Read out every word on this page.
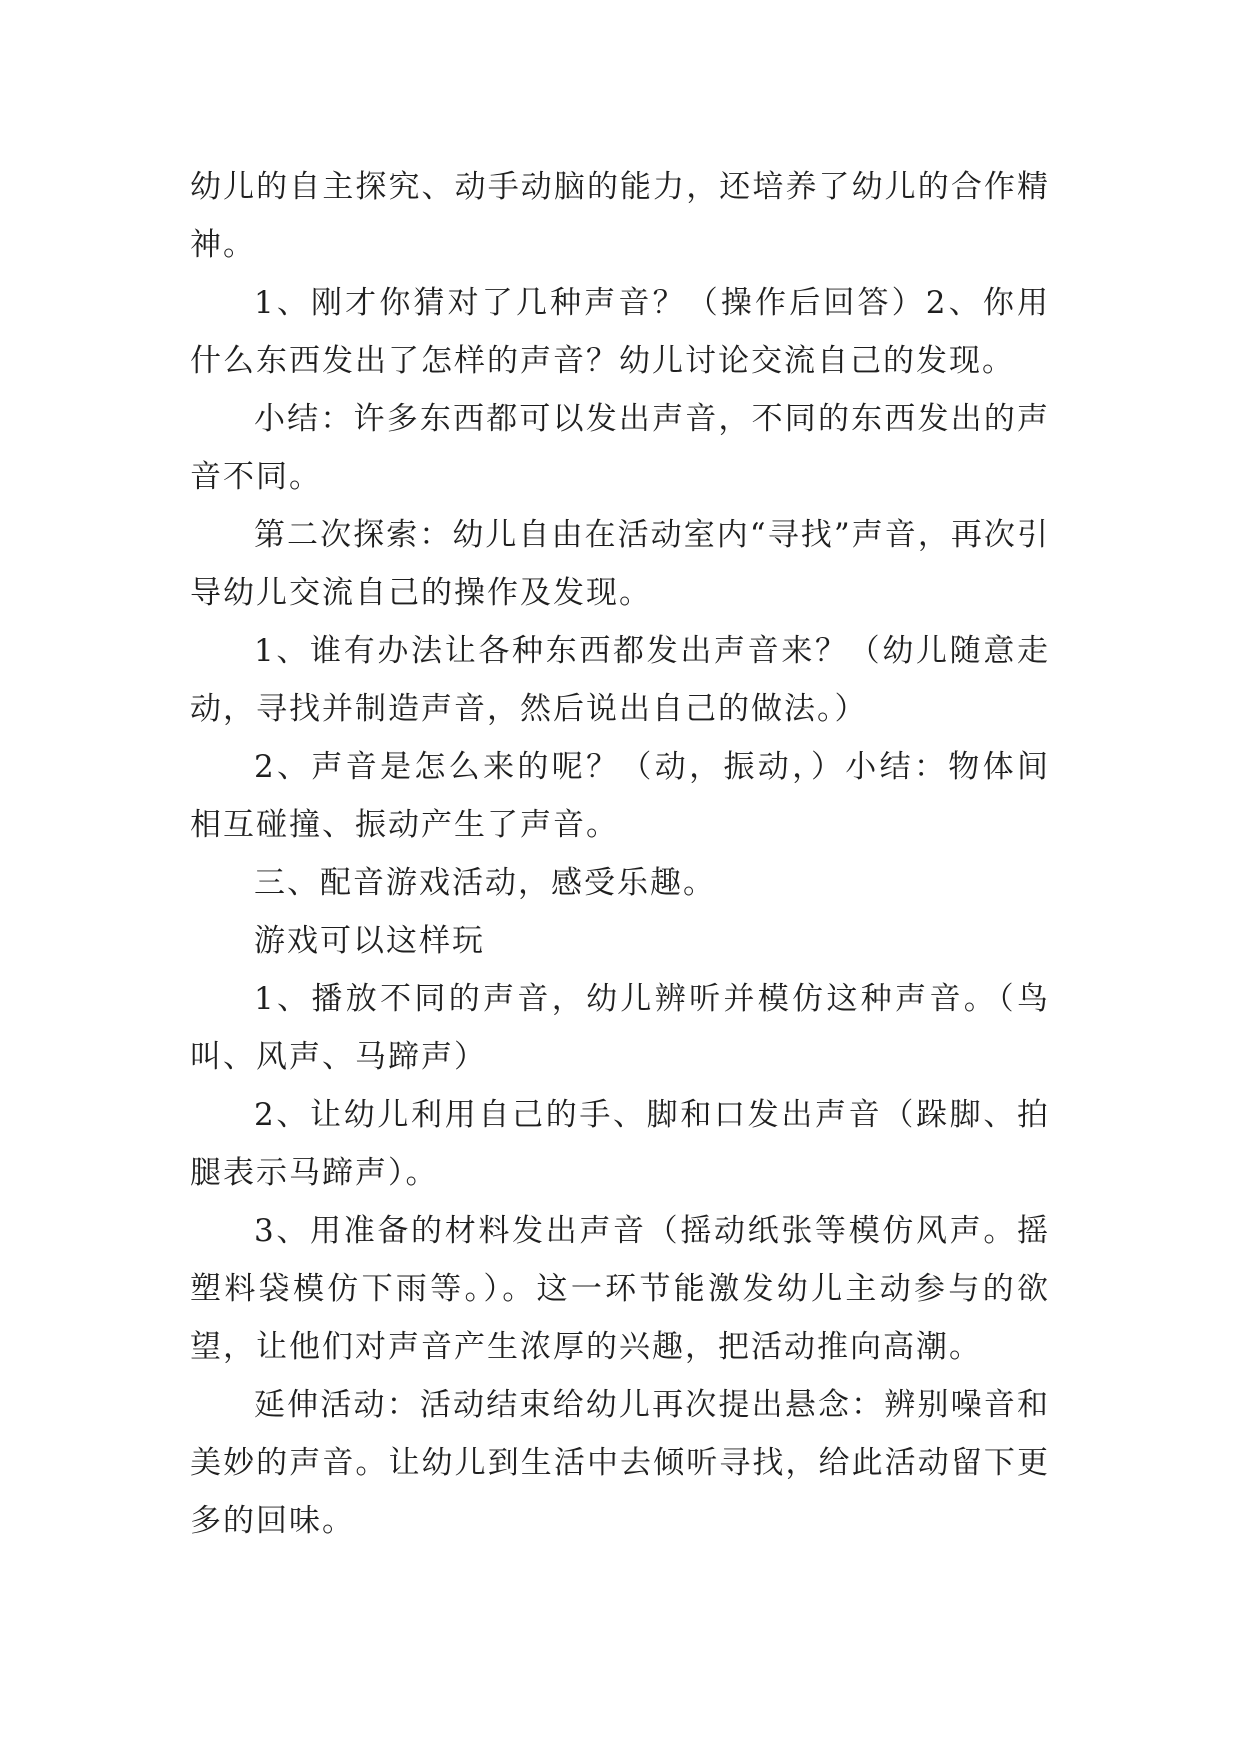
幼儿的自主探究、动手动脑的能力，还培养了幼儿的合作精神。

1、刚才你猜对了几种声音？（操作后回答）2、你用什么东西发出了怎样的声音？幼儿讨论交流自己的发现。

小结：许多东西都可以发出声音，不同的东西发出的声音不同。

第二次探索：幼儿自由在活动室内“寻找”声音，再次引导幼儿交流自己的操作及发现。

1、谁有办法让各种东西都发出声音来？（幼儿随意走动，寻找并制造声音，然后说出自己的做法。）

2、声音是怎么来的呢？（动，振动，）小结：物体间相互碰撞、振动产生了声音。

三、配音游戏活动，感受乐趣。

游戏可以这样玩

1、播放不同的声音，幼儿辨听并模仿这种声音。（鸟叫、风声、马蹄声）

2、让幼儿利用自己的手、脚和口发出声音（跺脚、拍腿表示马蹄声）。

3、用准备的材料发出声音（摇动纸张等模仿风声。摇塑料袋模仿下雨等。）。这一环节能激发幼儿主动参与的欲望，让他们对声音产生浓厚的兴趣，把活动推向高潮。

延伸活动：活动结束给幼儿再次提出悬念：辨别噪音和美妙的声音。让幼儿到生活中去倾听寻找，给此活动留下更多的回味。
